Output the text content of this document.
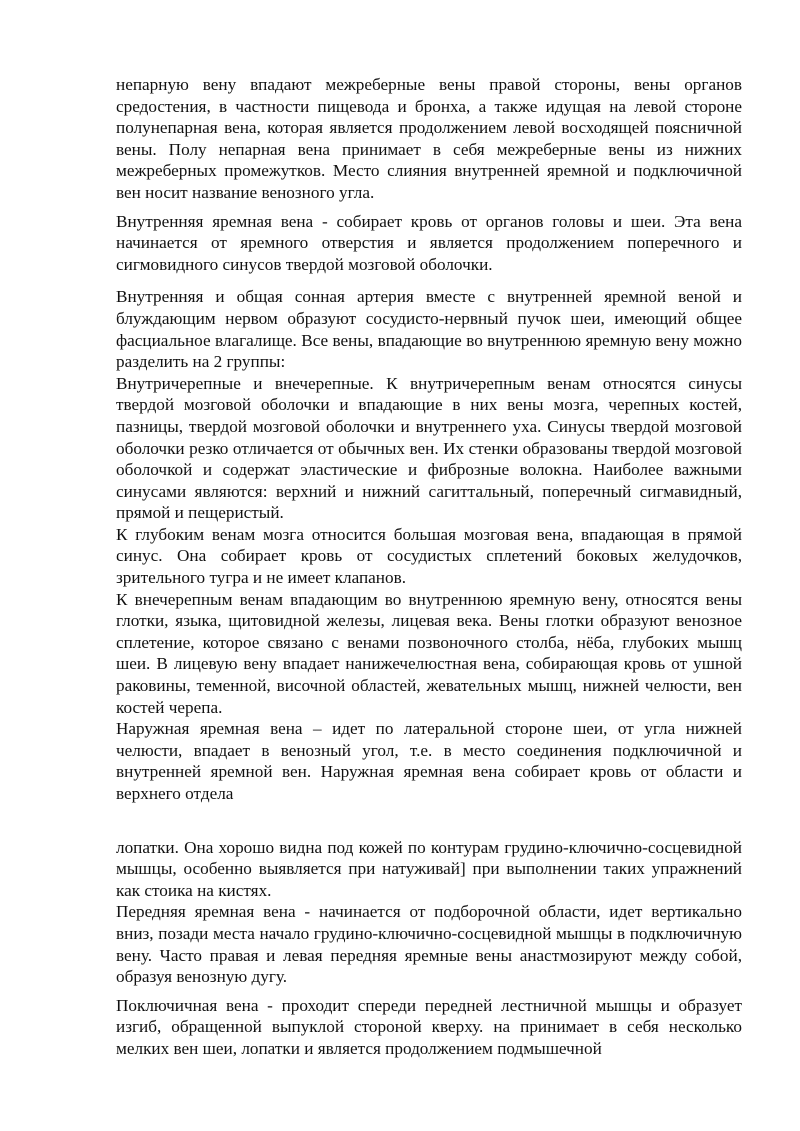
непарную вену впадают межреберные вены правой стороны, вены органов средостения, в частности пищевода и бронха, а также идущая на левой стороне полунепарная вена, которая является продолжением левой восходящей поясничной вены. Полу непарная вена принимает в себя межреберные вены из нижних межреберных промежутков. Место слияния внутренней яремной и подключичной вен носит название венозного угла.

Внутренняя яремная вена - собирает кровь от органов головы и шеи. Эта вена начинается от яремного отверстия и является продолжением поперечного и сигмовидного синусов твердой мозговой оболочки.

Внутренняя и общая сонная артерия вместе с внутренней яремной веной и блуждающим нервом образуют сосудисто-нервный пучок шеи, имеющий общее фасциальное влагалище. Все вены, впадающие во внутреннюю яремную вену можно разделить на 2 группы:

Внутричерепные и внечерепные. К внутричерепным венам относятся синусы твердой мозговой оболочки и впадающие в них вены мозга, черепных костей, пазницы, твердой мозговой оболочки и внутреннего уха. Синусы твердой мозговой оболочки резко отличается от обычных вен. Их стенки образованы твердой мозговой оболочкой и содержат эластические и фиброзные волокна. Наиболее важными синусами являются: верхний и нижний сагиттальный, поперечный сигмавидный, прямой и пещеристый.

К глубоким венам мозга относится большая мозговая вена, впадающая в прямой синус. Она собирает кровь от сосудистых сплетений боковых желудочков, зрительного тугра и не имеет клапанов.

К внечерепным венам впадающим во внутреннюю яремную вену, относятся вены глотки, языка, щитовидной железы, лицевая века. Вены глотки образуют венозное сплетение, которое связано с венами позвоночного столба, нёба, глубоких мышц шеи. В лицевую вену впадает нанижечелюстная вена, собирающая кровь от ушной раковины, теменной, височной областей, жевательных мышц, нижней челюсти, вен костей черепа.

Наружная яремная вена – идет по латеральной стороне шеи, от угла нижней челюсти, впадает в венозный угол, т.е. в место соединения подключичной и внутренней яремной вен. Наружная яремная вена собирает кровь от области и верхнего отдела

лопатки. Она хорошо видна под кожей по контурам грудино-ключично-сосцевидной мышцы, особенно выявляется при натуживай] при выполнении таких упражнений как стоика на кистях.

Передняя яремная вена - начинается от подборочной области, идет вертикально вниз, позади места начало грудино-ключично-сосцевидной мышцы в подключичную вену. Часто правая и левая передняя яремные вены анастмозируют между собой, образуя венозную дугу.

Поключичная вена - проходит спереди передней лестничной мышцы и образует изгиб, обращенной выпуклой стороной кверху. на принимает в себя несколько мелких вен шеи, лопатки и является продолжением подмышечной
